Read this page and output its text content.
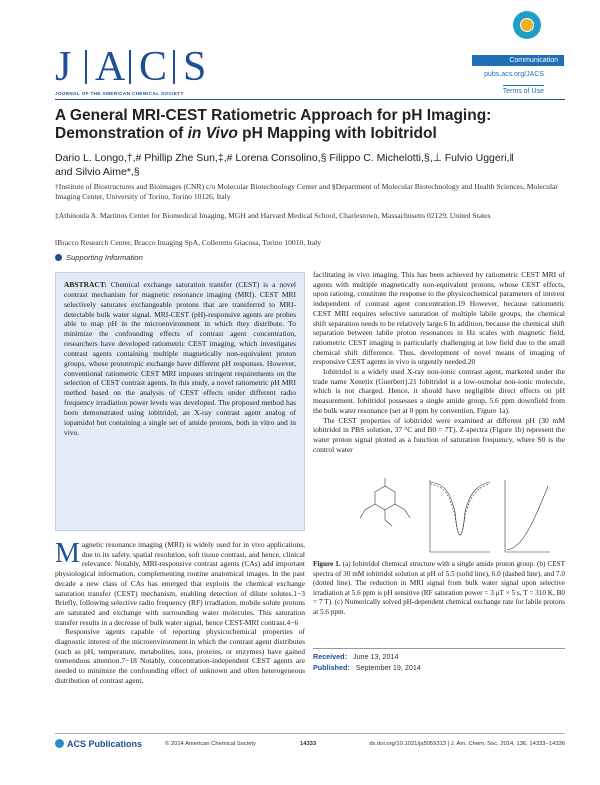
J A C S
JOURNAL OF THE AMERICAN CHEMICAL SOCIETY
Communication
pubs.acs.org/JACS
Terms of Use
A General MRI-CEST Ratiometric Approach for pH Imaging:
Demonstration of in Vivo pH Mapping with Iobitridol
Dario L. Longo,†,# Phillip Zhe Sun,‡,# Lorena Consolino,§ Filippo C. Michelotti,§,⊥ Fulvio Uggeri,‖
and Silvio Aime*,§
†Institute of Biostructures and Bioimages (CNR) c/o Molecular Biotechnology Center and §Department of Molecular Biotechnology and Health Sciences, Molecular Imaging Center, University of Torino, Torino 10126, Italy
‡Athinoula A. Martinos Center for Biomedical Imaging, MGH and Harvard Medical School, Charlestown, Massachusetts 02129, United States
‖Bracco Research Center, Bracco Imaging SpA, Colleretto Giacosa, Torino 10010, Italy
Supporting Information
ABSTRACT: Chemical exchange saturation transfer (CEST) is a novel contrast mechanism for magnetic resonance imaging (MRI). CEST MRI selectively saturates exchangeable protons that are transferred to MRI-detectable bulk water signal. MRI-CEST (pH)-responsive agents are probes able to map pH in the microenvironment in which they distribute. To minimize the confounding effects of contrast agent concentration, researchers have developed ratiometric CEST imaging, which investigates contrast agents containing multiple magnetically non-equivalent proton groups, whose prototropic exchange have different pH responses. However, conventional ratiometric CEST MRI imposes stringent requirements on the selection of CEST contrast agents. In this study, a novel ratiometric pH MRI method based on the analysis of CEST effects under different radio frequency irradiation power levels was developed. The proposed method has been demonstrated using iobitridol, an X-ray contrast agent analog of iopamidol but containing a single set of amide protons, both in vitro and in vivo.

Magnetic resonance imaging (MRI) is widely used for in vivo applications, due to its safety, spatial resolution, soft tissue contrast, and hence, clinical relevance. Notably, MRI-responsive contrast agents (CAs) add important physiological information, complementing routine anatomical images. In the past decade a new class of CAs has emerged that exploits the chemical exchange saturation transfer (CEST) mechanism, enabling detection of dilute solutes.1−3 Briefly, following selective radio frequency (RF) irradiation, mobile solute protons are saturated and exchange with surrounding water molecules. This saturation transfer results in a decrease of bulk water signal, hence CEST-MRI contrast.4−6

Responsive agents capable of reporting physicochemical properties of diagnostic interest of the microenvironment in which the contrast agent distributes (such as pH, temperature, metabolites, ions, proteins, or enzymes) have gained tremendous attention.7−18 Notably, concentration-independent CEST agents are needed to minimize the confounding effect of unknown and often heterogeneous distribution of contrast agent,

facilitating in vivo imaging. This has been achieved by ratiometric CEST MRI of agents with multiple magnetically non-equivalent protons, whose CEST effects, upon ratioing, constitute the response to the physicochemical parameters of interest independent of contrast agent concentration.19 However, because ratiometric CEST MRI requires selective saturation of multiple labile groups, the chemical shift separation needs to be relatively large.6 In addition, because the chemical shift separation between labile proton resonances in Hz scales with magnetic field, ratiometric CEST imaging is particularly challenging at low field due to the small chemical shift difference. Thus, development of novel means of imaging of responsive CEST agents in vivo is urgently needed.20

Iobitridol is a widely used X-ray non-ionic contrast agent, marketed under the trade name Xenetix (Guerbert).21 Iobitridol is a low-osmolar non-ionic molecule, which is not charged. Hence, it should have negligible direct effects on pH measurement. Iobitridol possesses a single amide group, 5.6 ppm downfield from the bulk water resonance (set at 0 ppm by convention, Figure 1a).

The CEST properties of iobitridol were examined at different pH (30 mM iobitridol in PBS solution, 37 °C and B0 = 7T). Z-spectra (Figure 1b) represent the water proton signal plotted as a function of saturation frequency, where S0 is the control water

Figure 1. (a) Iobitridol chemical structure with a single amide proton group. (b) CEST spectra of 30 mM iobitridol solution at pH of 5.5 (solid line), 6.0 (dashed line), and 7.0 (dotted line). The reduction in MRI signal from bulk water signal upon selective irradiation at 5.6 ppm is pH sensitive (RF saturation power = 3 μT × 5 s, T = 310 K, B0 = 7 T). (c) Numerically solved pH-dependent chemical exchange rate for labile protons at 5.6 ppm.
Received: June 13, 2014
Published: September 19, 2014
ACS Publications	© 2014 American Chemical Society	14333	dx.doi.org/10.1021/ja5059313 | J. Am. Chem. Soc. 2014, 136, 14333−14336
